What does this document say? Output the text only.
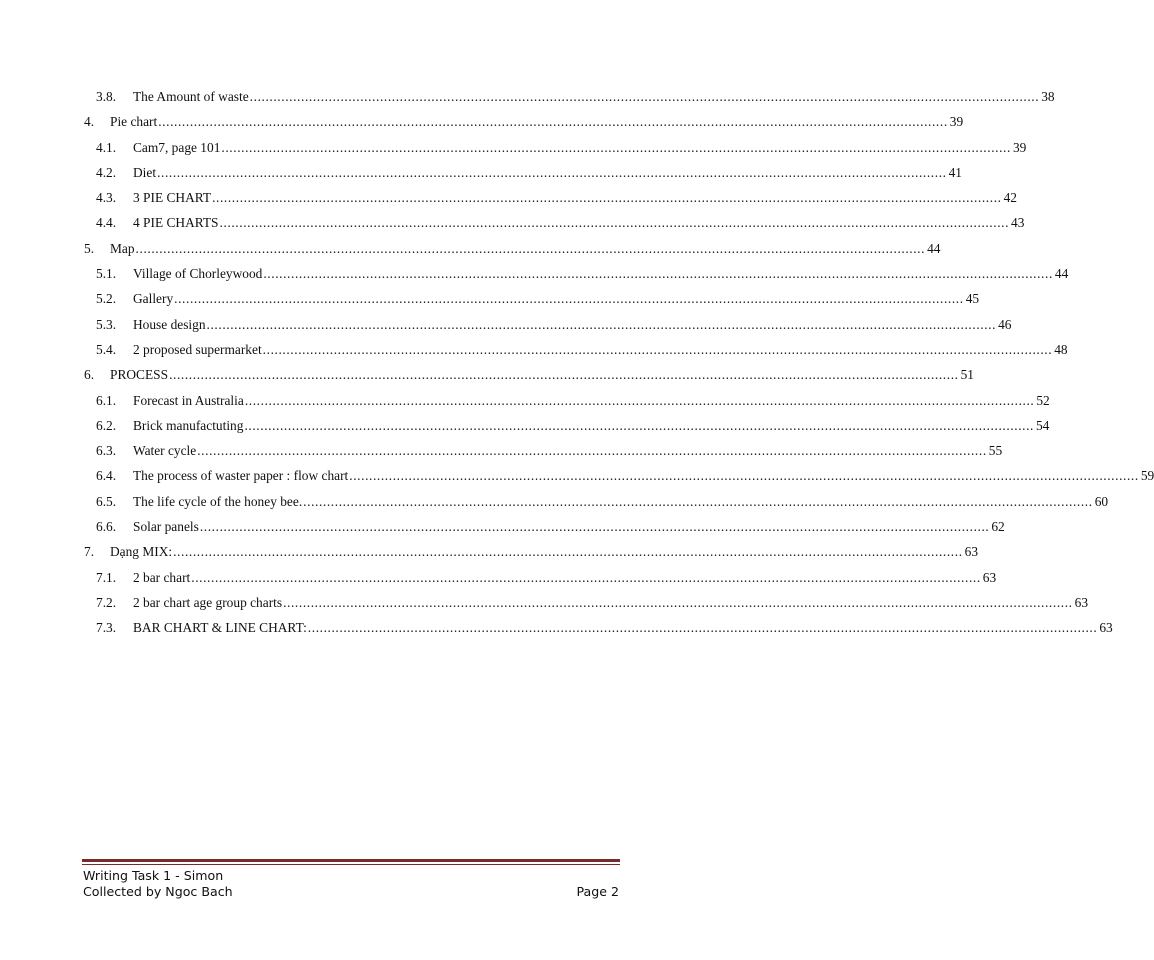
3.8. The Amount of waste ........................................................................................................................................................................................................ 38
4. Pie chart ........................................................................................................................................................................................................ 39
4.1. Cam7, page 101 ........................................................................................................................................................................................................ 39
4.2. Diet ........................................................................................................................................................................................................ 41
4.3. 3 PIE CHART ........................................................................................................................................................................................................ 42
4.4. 4 PIE CHARTS ........................................................................................................................................................................................................ 43
5. Map ........................................................................................................................................................................................................ 44
5.1. Village of Chorleywood ........................................................................................................................................................................................................ 44
5.2. Gallery ........................................................................................................................................................................................................ 45
5.3. House design ........................................................................................................................................................................................................ 46
5.4. 2 proposed supermarket ........................................................................................................................................................................................................ 48
6. PROCESS ........................................................................................................................................................................................................ 51
6.1. Forecast in Australia ........................................................................................................................................................................................................ 52
6.2. Brick manufactuting ........................................................................................................................................................................................................ 54
6.3. Water cycle ........................................................................................................................................................................................................ 55
6.4. The process of waster paper : flow chart ........................................................................................................................................................................................................ 59
6.5. The life cycle of the honey bee. ........................................................................................................................................................................................................ 60
6.6. Solar panels ........................................................................................................................................................................................................ 62
7. Dạng MIX: ........................................................................................................................................................................................................ 63
7.1. 2 bar chart ........................................................................................................................................................................................................ 63
7.2. 2 bar chart age group charts ........................................................................................................................................................................................................ 63
7.3. BAR CHART & LINE CHART: ........................................................................................................................................................................................................ 63
Writing Task 1 - Simon
Collected by Ngoc Bach	Page 2
